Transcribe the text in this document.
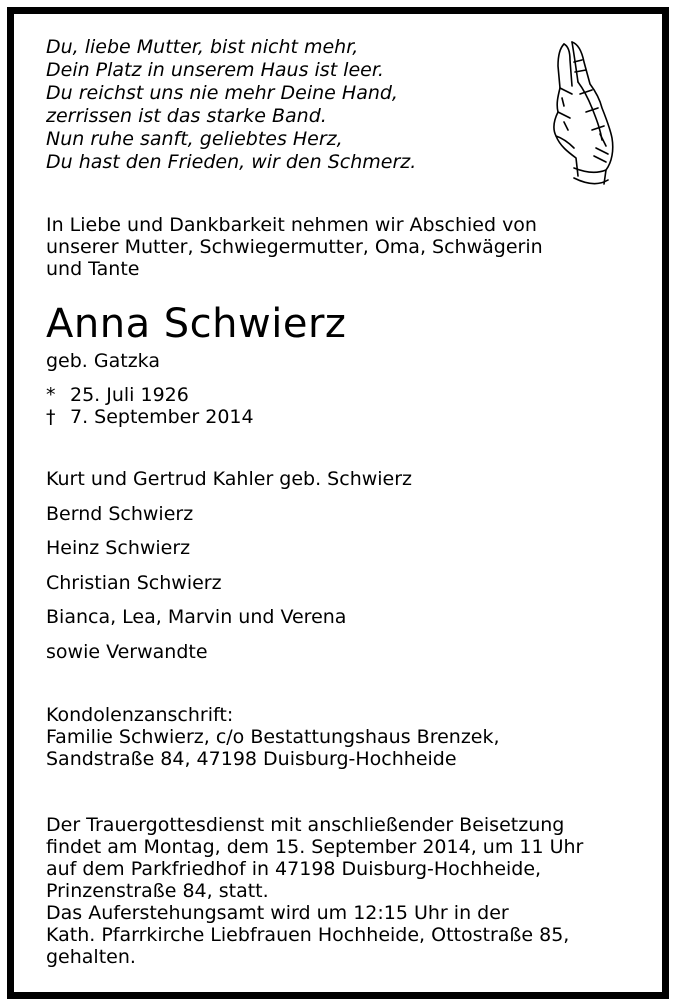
Du, liebe Mutter, bist nicht mehr,
Dein Platz in unserem Haus ist leer.
Du reichst uns nie mehr Deine Hand,
zerrissen ist das starke Band.
Nun ruhe sanft, geliebtes Herz,
Du hast den Frieden, wir den Schmerz.
In Liebe und Dankbarkeit nehmen wir Abschied von
unserer Mutter, Schwiegermutter, Oma, Schwägerin
und Tante
Anna Schwierz
geb. Gatzka
* 25. Juli 1926
† 7. September 2014
Kurt und Gertrud Kahler geb. Schwierz
Bernd Schwierz
Heinz Schwierz
Christian Schwierz
Bianca, Lea, Marvin und Verena
sowie Verwandte
Kondolenzanschrift:
Familie Schwierz, c/o Bestattungshaus Brenzek,
Sandstraße 84, 47198 Duisburg-Hochheide
Der Trauergottesdienst mit anschließender Beisetzung
findet am Montag, dem 15. September 2014, um 11 Uhr
auf dem Parkfriedhof in 47198 Duisburg-Hochheide,
Prinzenstraße 84, statt.
Das Auferstehungsamt wird um 12:15 Uhr in der
Kath. Pfarrkirche Liebfrauen Hochheide, Ottostraße 85,
gehalten.
